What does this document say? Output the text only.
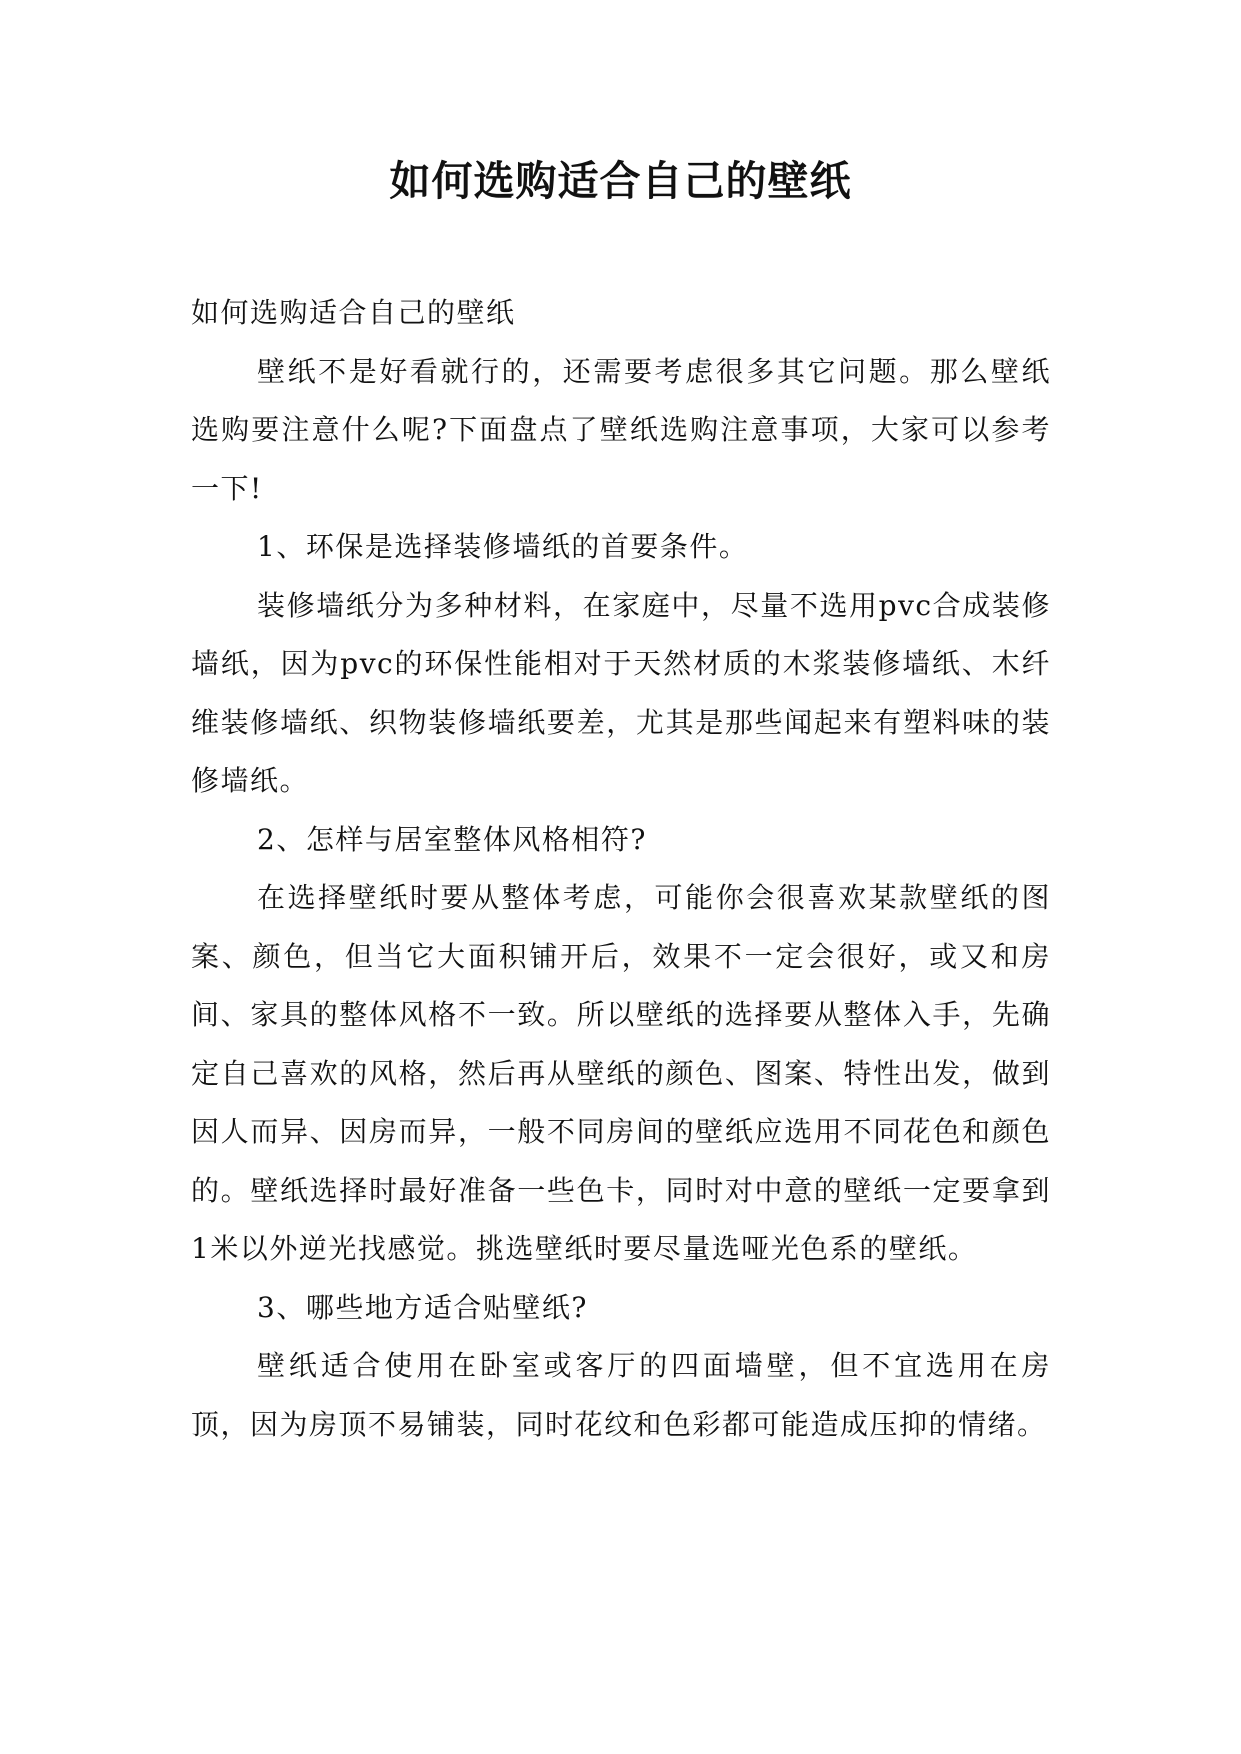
如何选购适合自己的壁纸

如何选购适合自己的壁纸

壁纸不是好看就行的，还需要考虑很多其它问题。那么壁纸选购要注意什么呢?下面盘点了壁纸选购注意事项，大家可以参考一下!

1、环保是选择装修墙纸的首要条件。

装修墙纸分为多种材料，在家庭中，尽量不选用pvc合成装修墙纸，因为pvc的环保性能相对于天然材质的木浆装修墙纸、木纤维装修墙纸、织物装修墙纸要差，尤其是那些闻起来有塑料味的装修墙纸。

2、怎样与居室整体风格相符?

在选择壁纸时要从整体考虑，可能你会很喜欢某款壁纸的图案、颜色，但当它大面积铺开后，效果不一定会很好，或又和房间、家具的整体风格不一致。所以壁纸的选择要从整体入手，先确定自己喜欢的风格，然后再从壁纸的颜色、图案、特性出发，做到因人而异、因房而异，一般不同房间的壁纸应选用不同花色和颜色的。壁纸选择时最好准备一些色卡，同时对中意的壁纸一定要拿到1米以外逆光找感觉。挑选壁纸时要尽量选哑光色系的壁纸。

3、哪些地方适合贴壁纸?

壁纸适合使用在卧室或客厅的四面墙壁，但不宜选用在房顶，因为房顶不易铺装，同时花纹和色彩都可能造成压抑的情绪。
